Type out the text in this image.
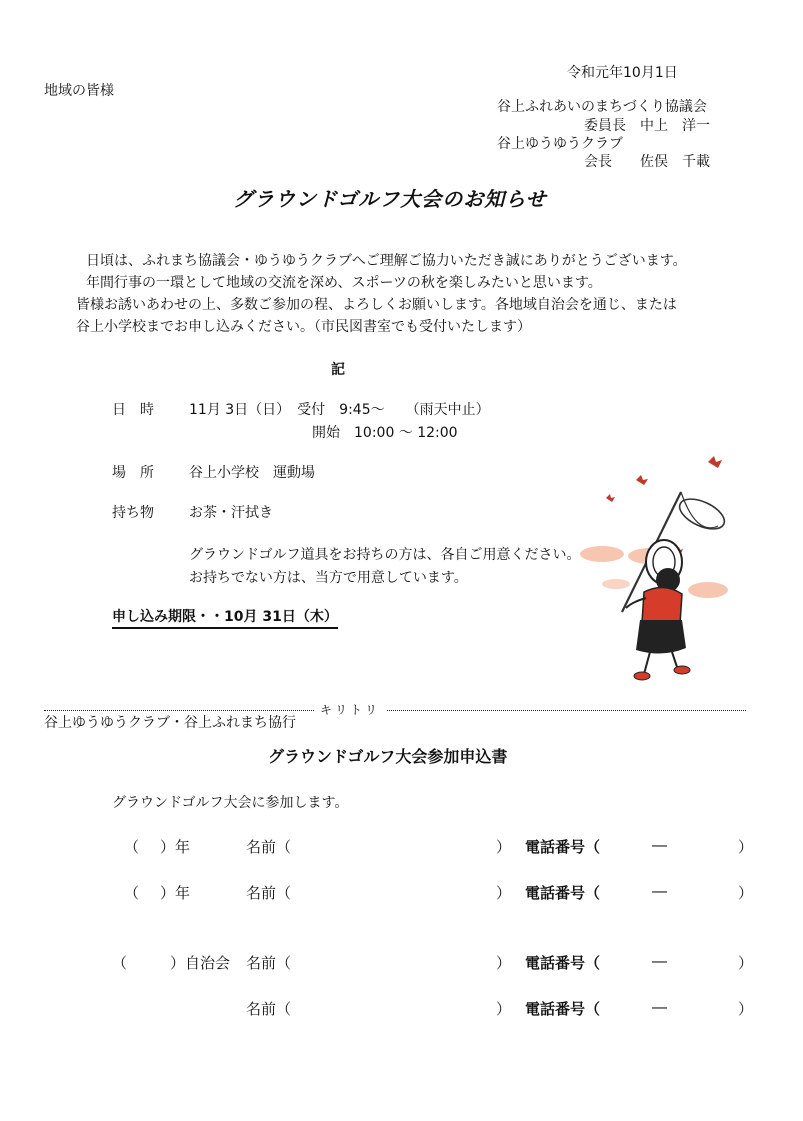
令和元年10月1日
地域の皆様
谷上ふれあいのまちづくり協議会
委員長　中上　洋一
谷上ゆうゆうクラブ
会長　　佐俣　千載
グラウンドゴルフ大会のお知らせ
日頃は、ふれまち協議会・ゆうゆうクラブへご理解ご協力いただき誠にありがとうございます。
年間行事の一環として地域の交流を深め、スポーツの秋を楽しみたいと思います。
皆様お誘いあわせの上、多数ご参加の程、よろしくお願いします。各地域自治会を通じ、または
谷上小学校までお申し込みください。（市民図書室でも受付いたします）
記
日　時	11月 3日（日）　受付　9:45～　　（雨天中止）
開始　10:00 ～ 12:00
場　所	谷上小学校　運動場
持ち物	お茶・汗拭き
グラウンドゴルフ道具をお持ちの方は、各自ご用意ください。
お持ちでない方は、当方で用意しています。
申し込み期限・・10月 31日（木）
谷上ゆうゆうクラブ・谷上ふれまち協行
キリトリ
グラウンドゴルフ大会参加申込書
グラウンドゴルフ大会に参加します。
（ ）年	名前（	） 電話番号（	―	）
（ ）年	名前（	） 電話番号（	―	）
（	）自治会 名前（	） 電話番号（	―	）
名前（	） 電話番号（	―	）
